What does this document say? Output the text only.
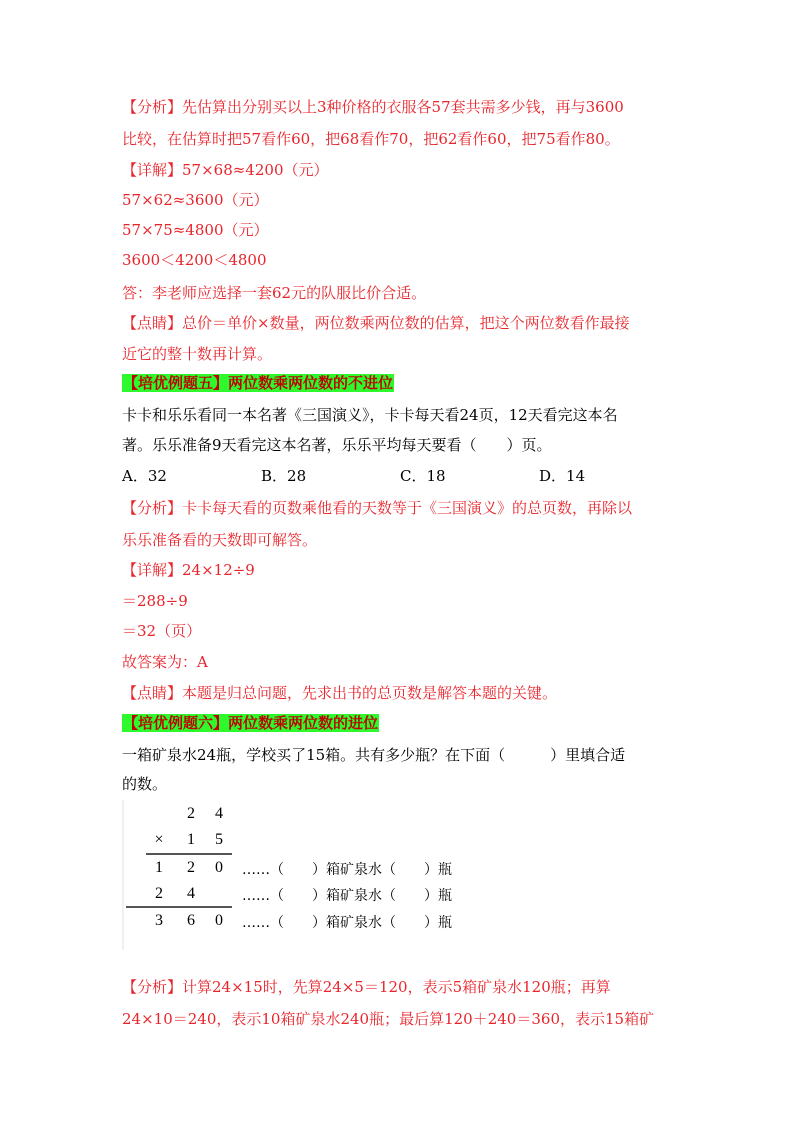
【分析】先估算出分别买以上3种价格的衣服各57套共需多少钱，再与3600
比较，在估算时把57看作60，把68看作70，把62看作60，把75看作80。
【详解】57×68≈4200（元）
57×62≈3600（元）
57×75≈4800（元）
3600＜4200＜4800
答：李老师应选择一套62元的队服比价合适。
【点睛】总价＝单价×数量，两位数乘两位数的估算，把这个两位数看作最接
近它的整十数再计算。
【培优例题五】两位数乘两位数的不进位
卡卡和乐乐看同一本名著《三国演义》，卡卡每天看24页，12天看完这本名
著。乐乐准备9天看完这本名著，乐乐平均每天要看（　　）页。
A．32	B．28	C．18	D．14
【分析】卡卡每天看的页数乘他看的天数等于《三国演义》的总页数，再除以
乐乐准备看的天数即可解答。
【详解】24×12÷9
＝288÷9
＝32（页）
故答案为：A
【点睛】本题是归总问题，先求出书的总页数是解答本题的关键。
【培优例题六】两位数乘两位数的进位
一箱矿泉水24瓶，学校买了15箱。共有多少瓶？在下面（　　　）里填合适
的数。
2 4
× 1 5
1 2 0 ……（　　）箱矿泉水（　　）瓶
2 4	……（　　）箱矿泉水（　　）瓶
3 6 0 ……（　　）箱矿泉水（　　）瓶
【分析】计算24×15时，先算24×5＝120，表示5箱矿泉水120瓶；再算
24×10＝240，表示10箱矿泉水240瓶；最后算120＋240＝360，表示15箱矿
